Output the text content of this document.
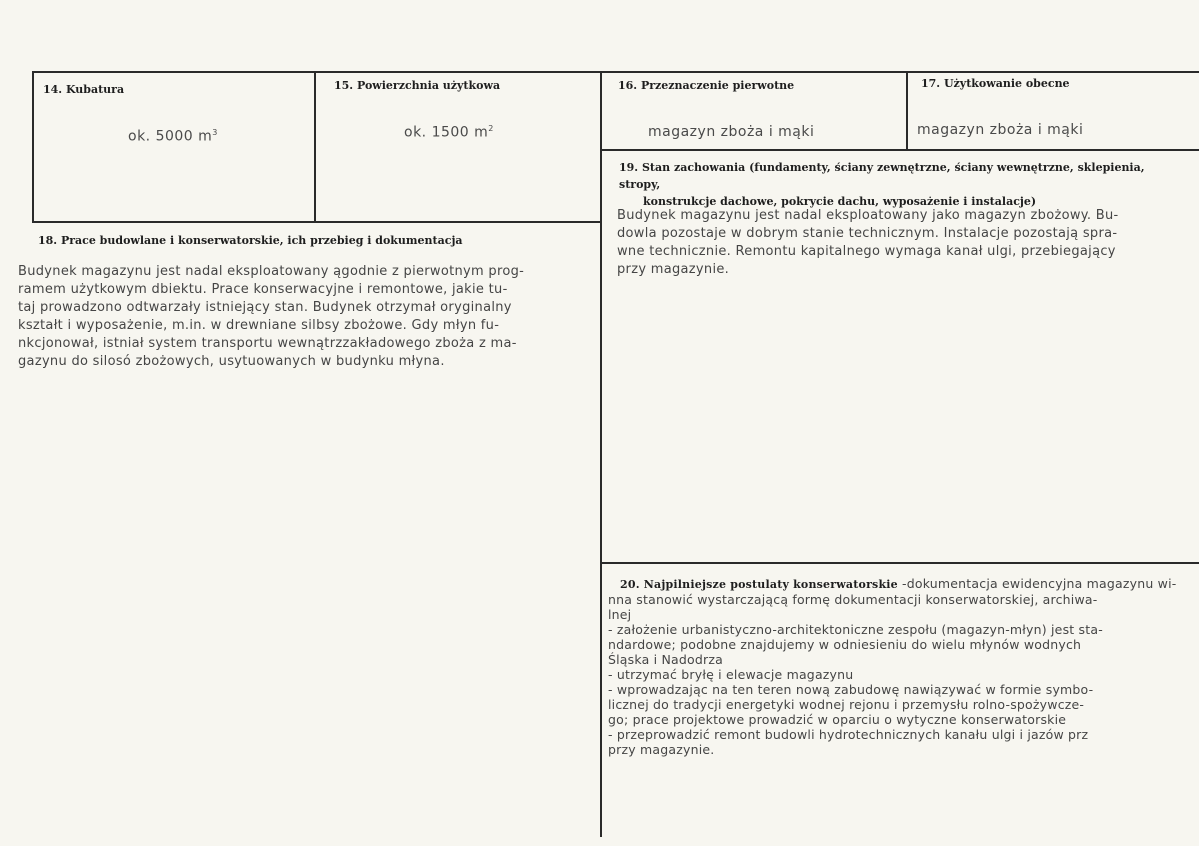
14. Kubatura
ok. 5000 $m^3$
15. Powierzchnia użytkowa
ok. 1500 $m^2$
16. Przeznaczenie pierwotne
magazyn zboża i mąki
17. Użytkowanie obecne
magazyn zboża i mąki
18. Prace budowlane i konserwatorskie, ich przebieg i dokumentacja
Budynek magazynu jest nadal eksploatowany ągodnie z pierwotnym prog-
ramem użytkowym dbiektu. Prace konserwacyjne i remontowe, jakie tu-
taj prowadzono odtwarzały istniejący stan. Budynek otrzymał oryginalny
kształt i wyposażenie, m.in. w drewniane silbsy zbożowe. Gdy młyn fu-
nkcjonował, istniał system transportu wewnątrzzakładowego zboża z ma-
gazynu do silosó zbożowych, usytuowanych w budynku młyna.
19. Stan zachowania (fundamenty, ściany zewnętrzne, ściany wewnętrzne, sklepienia, stropy,
konstrukcje dachowe, pokrycie dachu, wyposażenie i instalacje)
Budynek magazynu jest nadal eksploatowany jako magazyn zbożowy. Bu-
dowla pozostaje w dobrym stanie technicznym. Instalacje pozostają spra-
wne technicznie. Remontu kapitalnego wymaga kanał ulgi, przebiegający
przy magazynie.
20. Najpilniejsze postulaty konserwatorskie -dokumentacja ewidencyjna magazynu wi-
nna stanowić wystarczającą formę dokumentacji konserwatorskiej, archiwa-
lnej
- założenie urbanistyczno-architektoniczne zespołu (magazyn-młyn) jest sta-
ndardowe; podobne znajdujemy w odniesieniu do wielu młynów wodnych
Śląska i Nadodrza
- utrzymać bryłę i elewacje magazynu
- wprowadzając na ten teren nową zabudowę nawiązywać w formie symbo-
licznej do tradycji energetyki wodnej rejonu i przemysłu rolno-spożywcze-
go; prace projektowe prowadzić w oparciu o wytyczne konserwatorskie
- przeprowadzić remont budowli hydrotechnicznych kanału ulgi i jazów prz
przy magazynie.
